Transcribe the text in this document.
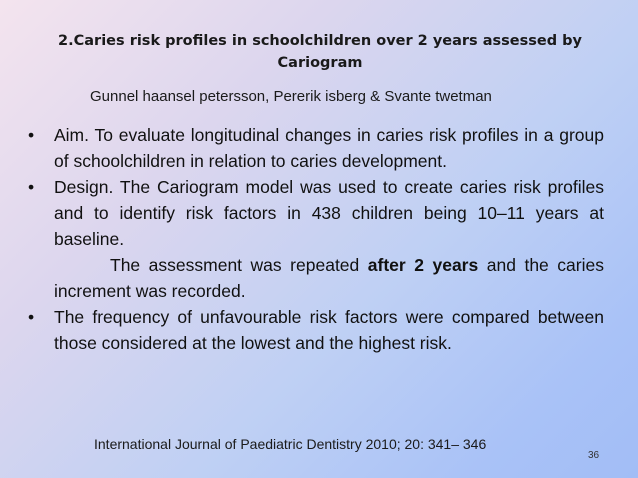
2.Caries risk profiles in schoolchildren over 2 years assessed by Cariogram
Gunnel haansel petersson, Pererik isberg & Svante twetman
• Aim. To evaluate longitudinal changes in caries risk profiles in a group of schoolchildren in relation to caries development.
• Design. The Cariogram model was used to create caries risk profiles and to identify risk factors in 438 children being 10–11 years at baseline.
The assessment was repeated after 2 years and the caries increment was recorded.
• The frequency of unfavourable risk factors were compared between those considered at the lowest and the highest risk.
International Journal of Paediatric Dentistry 2010; 20: 341– 346
36
